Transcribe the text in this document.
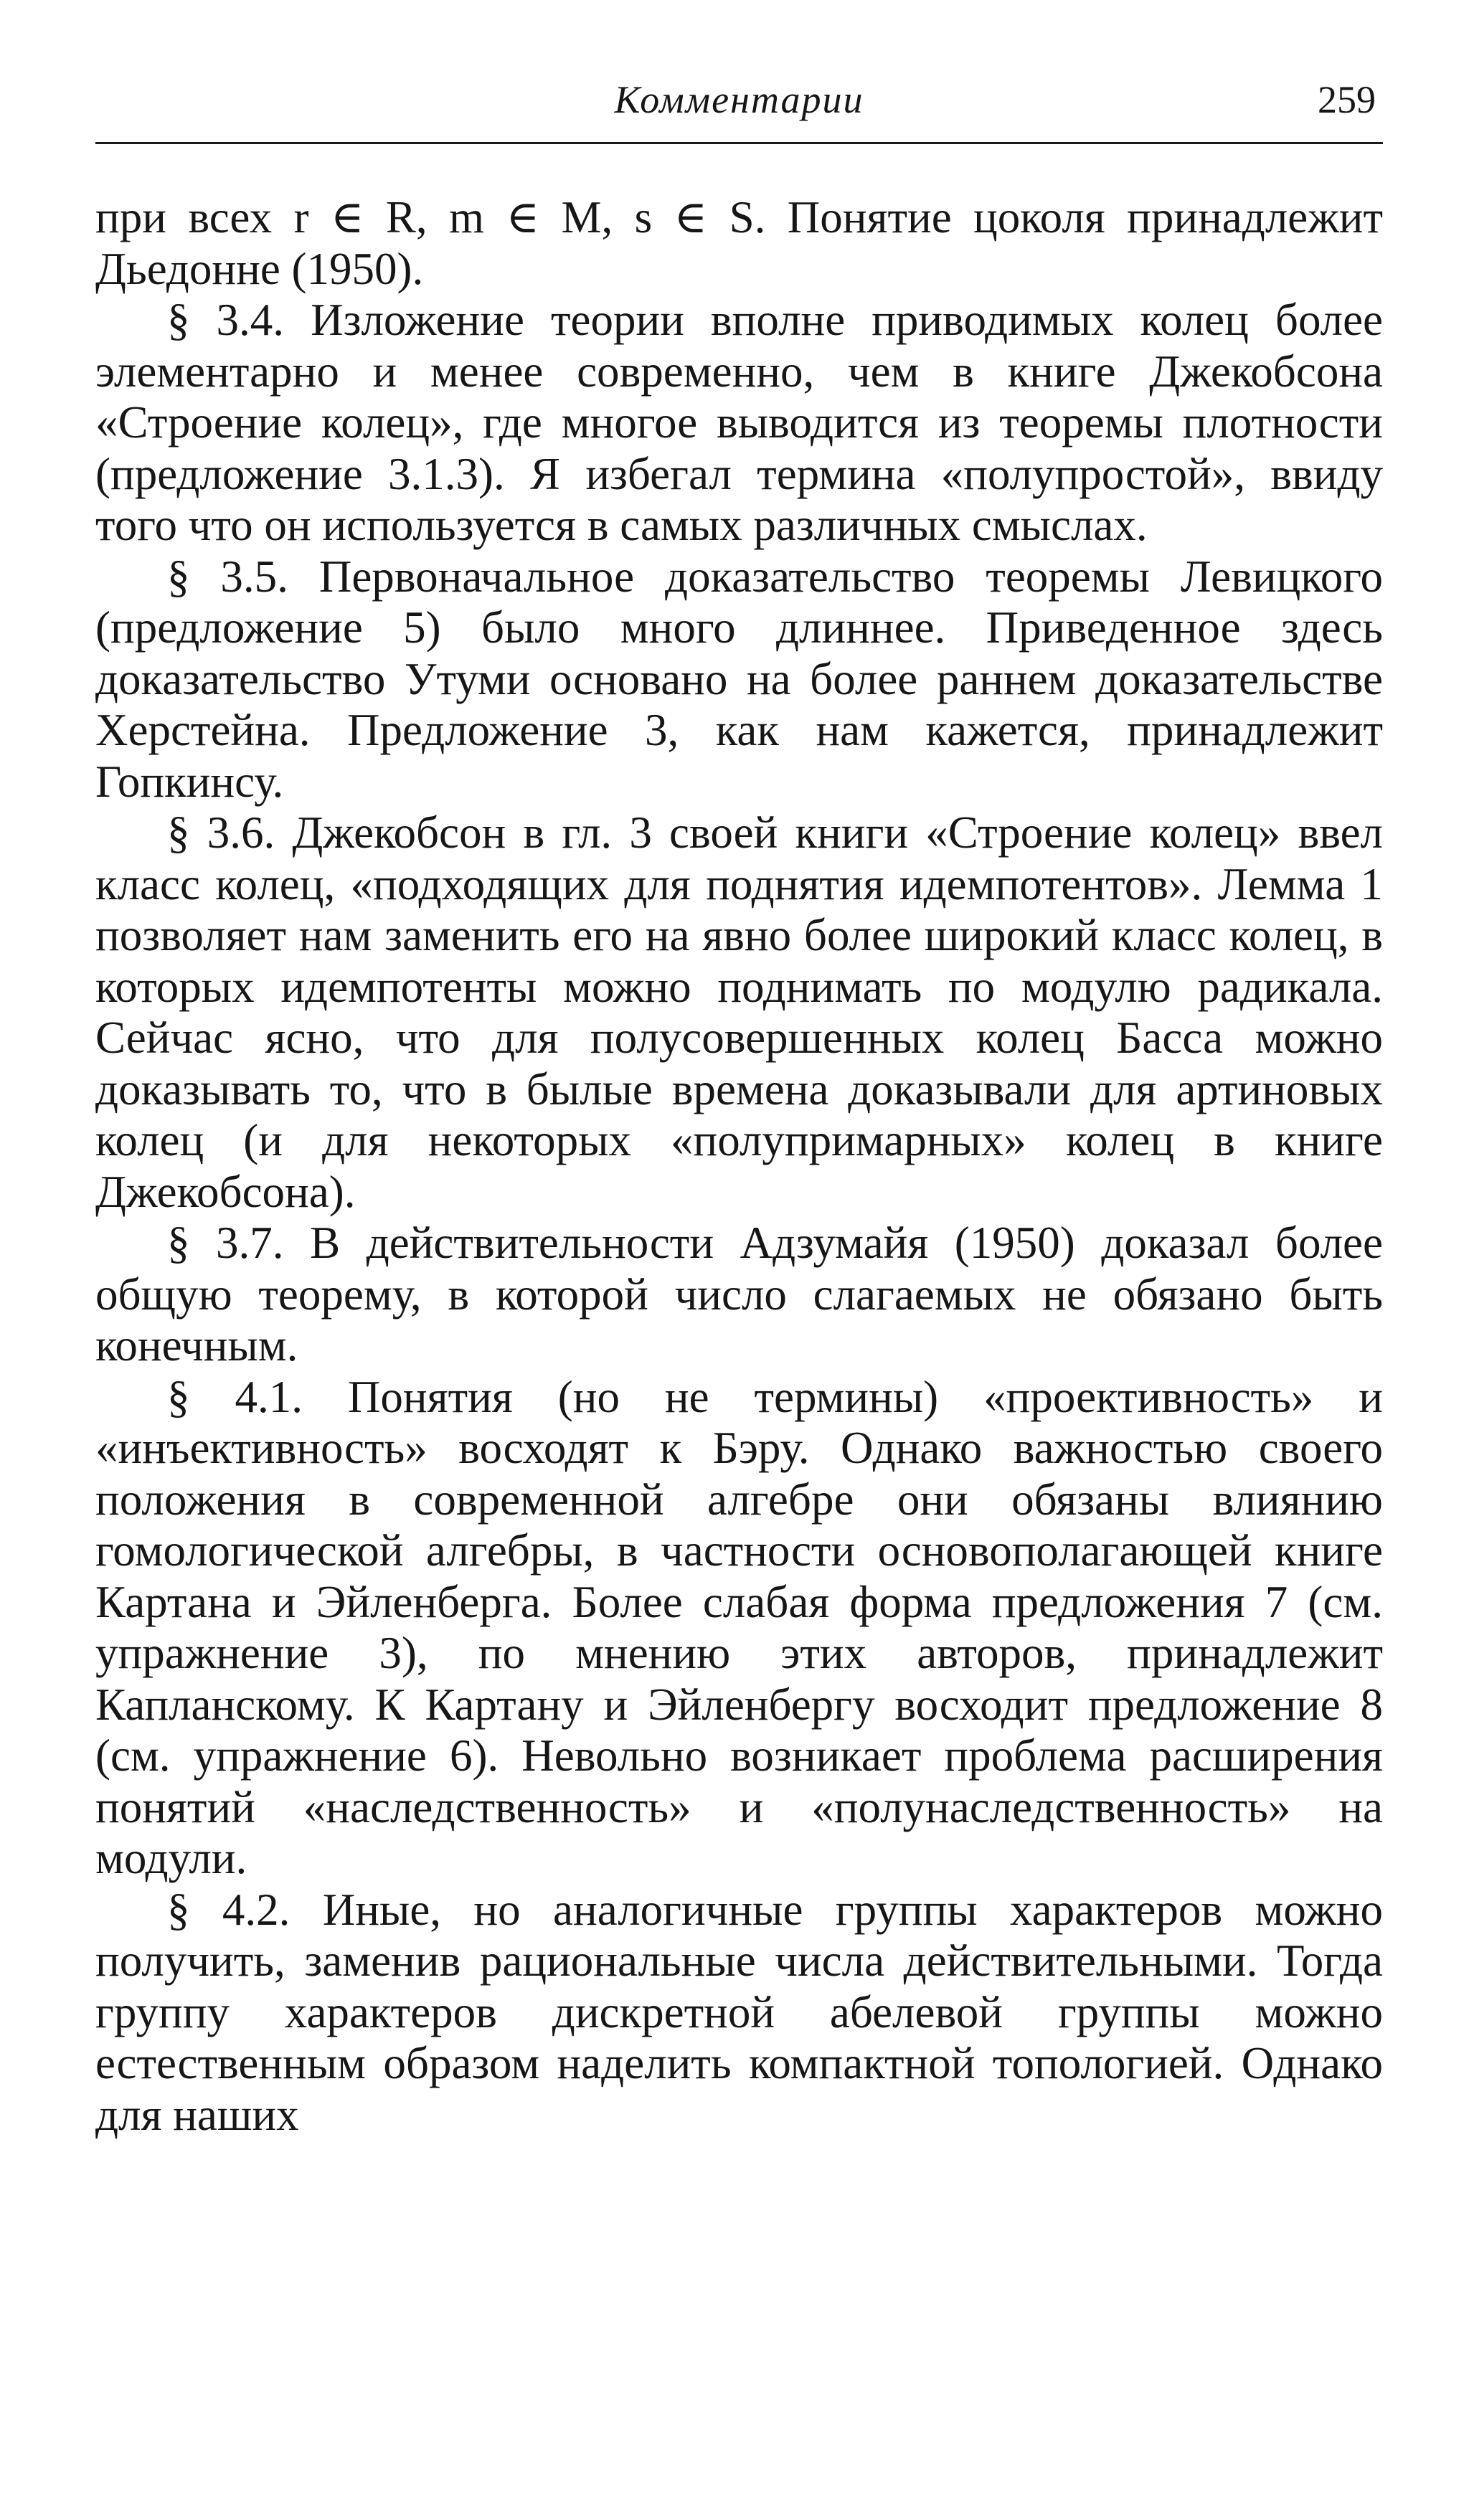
Комментарии	259

при всех r ∈ R, m ∈ M, s ∈ S. Понятие цоколя принадлежит Дьедонне (1950).

§ 3.4. Изложение теории вполне приводимых колец более элементарно и менее современно, чем в книге Джекобсона «Строение колец», где многое выводится из теоремы плотности (предложение 3.1.3). Я избегал термина «полупростой», ввиду того что он используется в самых различных смыслах.

§ 3.5. Первоначальное доказательство теоремы Левицкого (предложение 5) было много длиннее. Приведенное здесь доказательство Утуми основано на более раннем доказательстве Херстейна. Предложение 3, как нам кажется, принадлежит Гопкинсу.

§ 3.6. Джекобсон в гл. 3 своей книги «Строение колец» ввел класс колец, «подходящих для поднятия идемпотентов». Лемма 1 позволяет нам заменить его на явно более широкий класс колец, в которых идемпотенты можно поднимать по модулю радикала. Сейчас ясно, что для полусовершенных колец Басса можно доказывать то, что в былые времена доказывали для артиновых колец (и для некоторых «полупримарных» колец в книге Джекобсона).

§ 3.7. В действительности Адзумайя (1950) доказал более общую теорему, в которой число слагаемых не обязано быть конечным.

§ 4.1. Понятия (но не термины) «проективность» и «инъективность» восходят к Бэру. Однако важностью своего положения в современной алгебре они обязаны влиянию гомологической алгебры, в частности основополагающей книге Картана и Эйленберга. Более слабая форма предложения 7 (см. упражнение 3), по мнению этих авторов, принадлежит Капланскому. К Картану и Эйленбергу восходит предложение 8 (см. упражнение 6). Невольно возникает проблема расширения понятий «наследственность» и «полунаследственность» на модули.

§ 4.2. Иные, но аналогичные группы характеров можно получить, заменив рациональные числа действительными. Тогда группу характеров дискретной абелевой группы можно естественным образом наделить компактной топологией. Однако для наших
